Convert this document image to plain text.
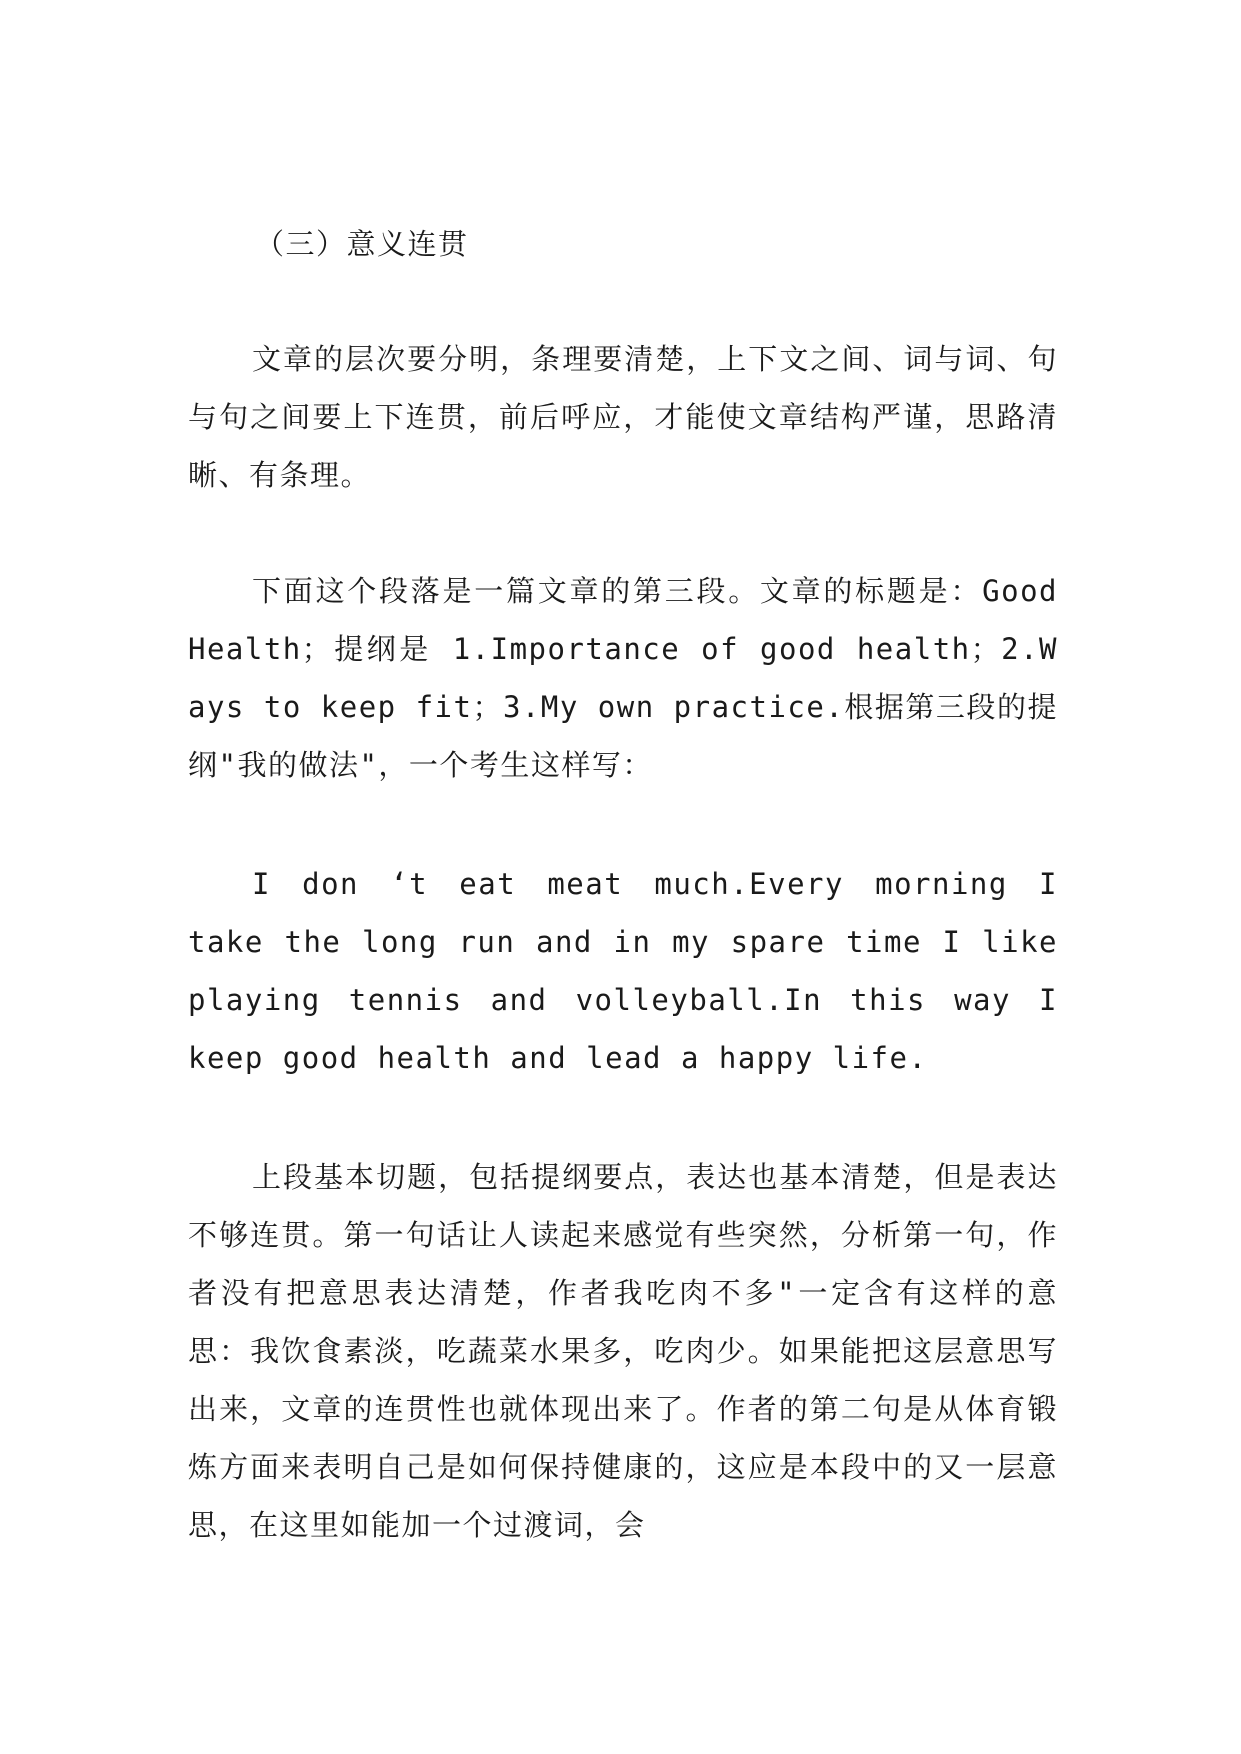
（三）意义连贯

文章的层次要分明，条理要清楚，上下文之间、词与词、句与句之间要上下连贯，前后呼应，才能使文章结构严谨，思路清晰、有条理。

下面这个段落是一篇文章的第三段。文章的标题是：Good Health；提纲是 1.Importance of good health；2.Ways to keep fit；3.My own practice.根据第三段的提纲"我的做法"，一个考生这样写：

I don ‘t eat meat much.Every morning I take the long run and in my spare time I like playing tennis and volleyball.In this way I keep good health and lead a happy life.

上段基本切题，包括提纲要点，表达也基本清楚，但是表达不够连贯。第一句话让人读起来感觉有些突然，分析第一句，作者没有把意思表达清楚，作者我吃肉不多"一定含有这样的意思：我饮食素淡，吃蔬菜水果多，吃肉少。如果能把这层意思写出来，文章的连贯性也就体现出来了。作者的第二句是从体育锻炼方面来表明自己是如何保持健康的，这应是本段中的又一层意思，在这里如能加一个过渡词，会
